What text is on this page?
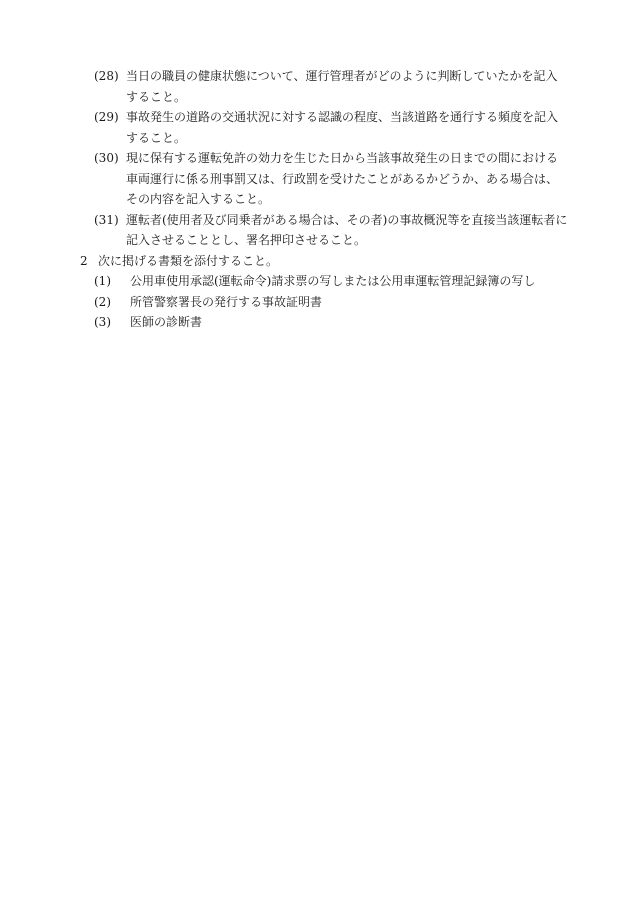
(28) 当日の職員の健康状態について、運行管理者がどのように判断していたかを記入すること。
(29) 事故発生の道路の交通状況に対する認識の程度、当該道路を通行する頻度を記入すること。
(30) 現に保有する運転免許の効力を生じた日から当該事故発生の日までの間における車両運行に係る刑事罰又は、行政罰を受けたことがあるかどうか、ある場合は、その内容を記入すること。
(31) 運転者(使用者及び同乗者がある場合は、その者)の事故概況等を直接当該運転者に記入させることとし、署名押印させること。
2 次に掲げる書類を添付すること。
(1)	公用車使用承認(運転命令)請求票の写しまたは公用車運転管理記録簿の写し
(2)	所管警察署長の発行する事故証明書
(3)	医師の診断書
